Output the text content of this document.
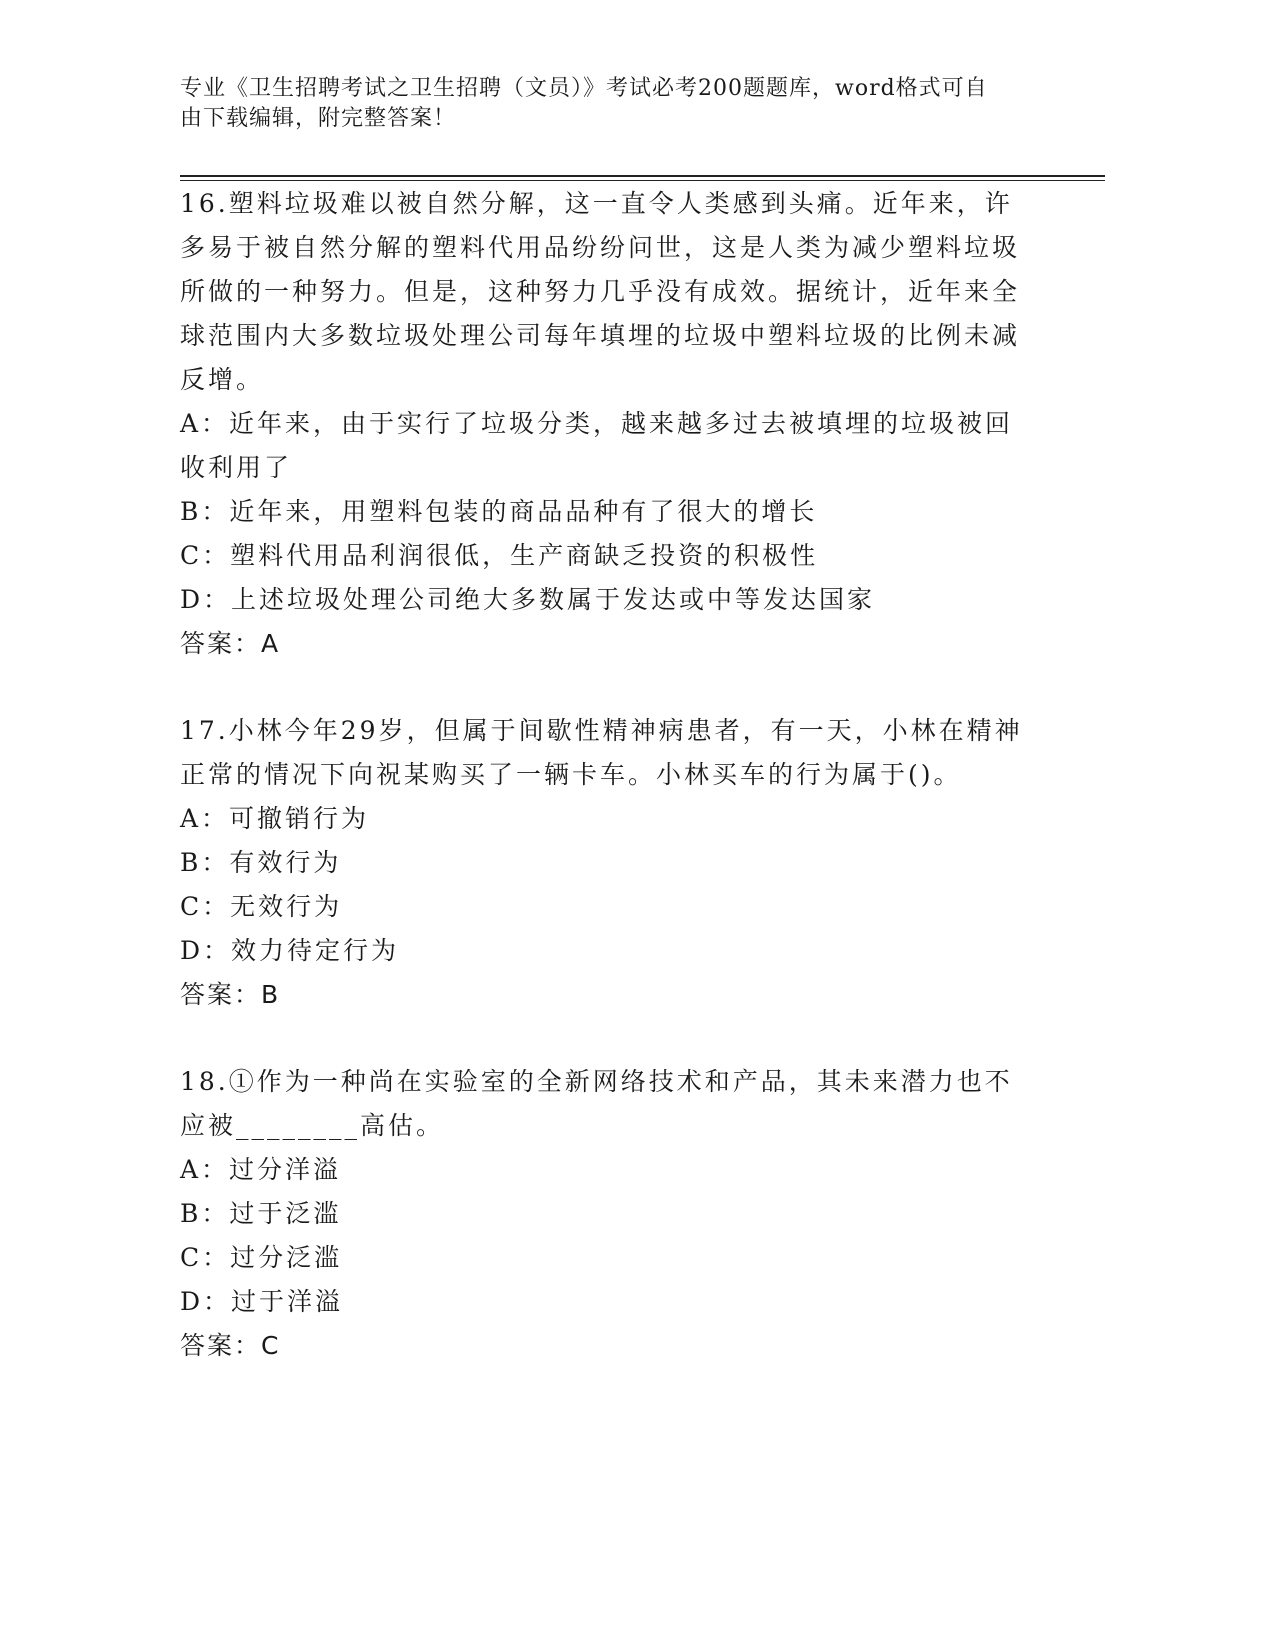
专业《卫生招聘考试之卫生招聘（文员）》考试必考200题题库，word格式可自
由下载编辑，附完整答案！

16.塑料垃圾难以被自然分解，这一直令人类感到头痛。近年来，许多易于被自然分解的塑料代用品纷纷问世，这是人类为减少塑料垃圾所做的一种努力。但是，这种努力几乎没有成效。据统计，近年来全球范围内大多数垃圾处理公司每年填埋的垃圾中塑料垃圾的比例未减反增。

A：近年来，由于实行了垃圾分类，越来越多过去被填埋的垃圾被回收利用了

B：近年来，用塑料包装的商品品种有了很大的增长

C：塑料代用品利润很低，生产商缺乏投资的积极性

D：上述垃圾处理公司绝大多数属于发达或中等发达国家

答案：A

17.小林今年29岁，但属于间歇性精神病患者，有一天，小林在精神正常的情况下向祝某购买了一辆卡车。小林买车的行为属于()。

A：可撤销行为

B：有效行为

C：无效行为

D：效力待定行为

答案：B

18.①作为一种尚在实验室的全新网络技术和产品，其未来潜力也不应被________高估。

A：过分洋溢

B：过于泛滥

C：过分泛滥

D：过于洋溢

答案：C
